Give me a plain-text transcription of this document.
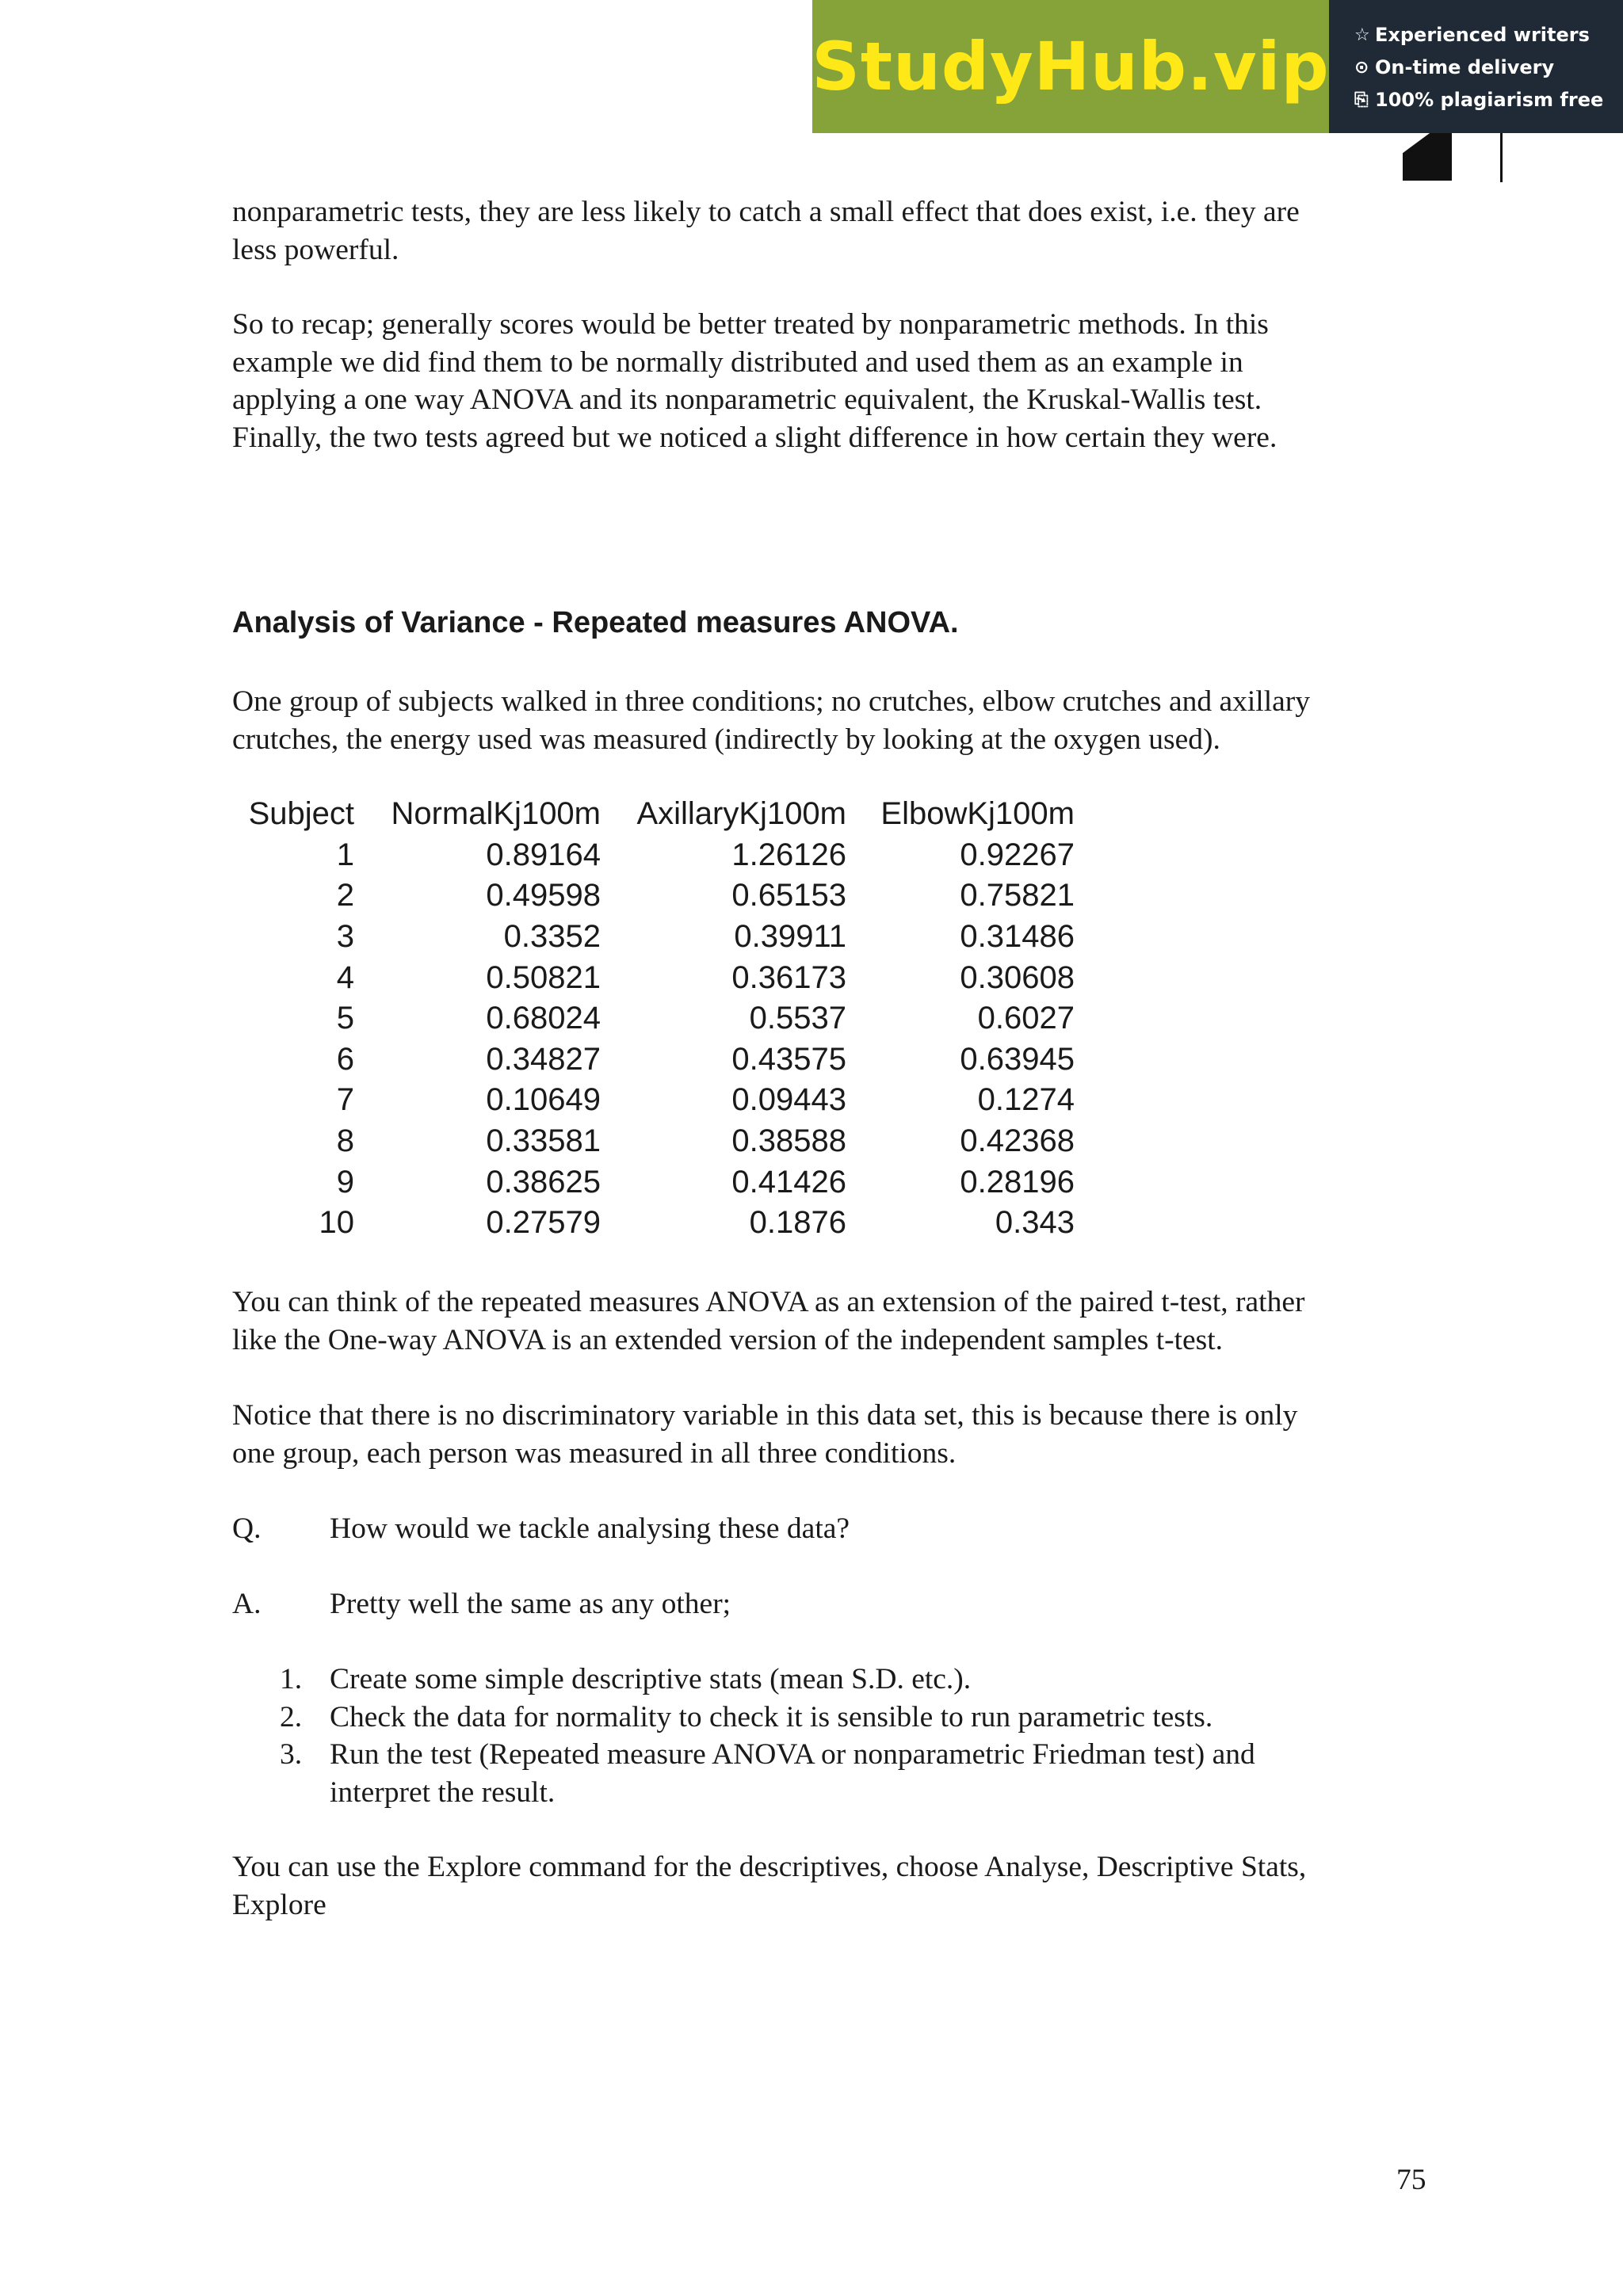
StudyHub.vip ☆ Experienced writers
⊙ On-time delivery
⎘ 100% plagiarism free
nonparametric tests, they are less likely to catch a small effect that does exist, i.e. they are
less powerful.
So to recap; generally scores would be better treated by nonparametric methods. In this
example we did find them to be normally distributed and used them as an example in
applying a one way ANOVA and its nonparametric equivalent, the Kruskal-Wallis test.
Finally, the two tests agreed but we noticed a slight difference in how certain they were.
Analysis of Variance - Repeated measures ANOVA.
One group of subjects walked in three conditions; no crutches, elbow crutches and axillary
crutches, the energy used was measured (indirectly by looking at the oxygen used).
Subject	NormalKj100m	AxillaryKj100m	ElbowKj100m
1	0.89164	1.26126	0.92267
2	0.49598	0.65153	0.75821
3	0.3352	0.39911	0.31486
4	0.50821	0.36173	0.30608
5	0.68024	0.5537	0.6027
6	0.34827	0.43575	0.63945
7	0.10649	0.09443	0.1274
8	0.33581	0.38588	0.42368
9	0.38625	0.41426	0.28196
10	0.27579	0.1876	0.343
You can think of the repeated measures ANOVA as an extension of the paired t-test, rather
like the One-way ANOVA is an extended version of the independent samples t-test.
Notice that there is no discriminatory variable in this data set, this is because there is only
one group, each person was measured in all three conditions.
Q. How would we tackle analysing these data?
A. Pretty well the same as any other;
1. Create some simple descriptive stats (mean S.D. etc.).
2. Check the data for normality to check it is sensible to run parametric tests.
3. Run the test (Repeated measure ANOVA or nonparametric Friedman test) and
interpret the result.
You can use the Explore command for the descriptives, choose Analyse, Descriptive Stats,
Explore
75
